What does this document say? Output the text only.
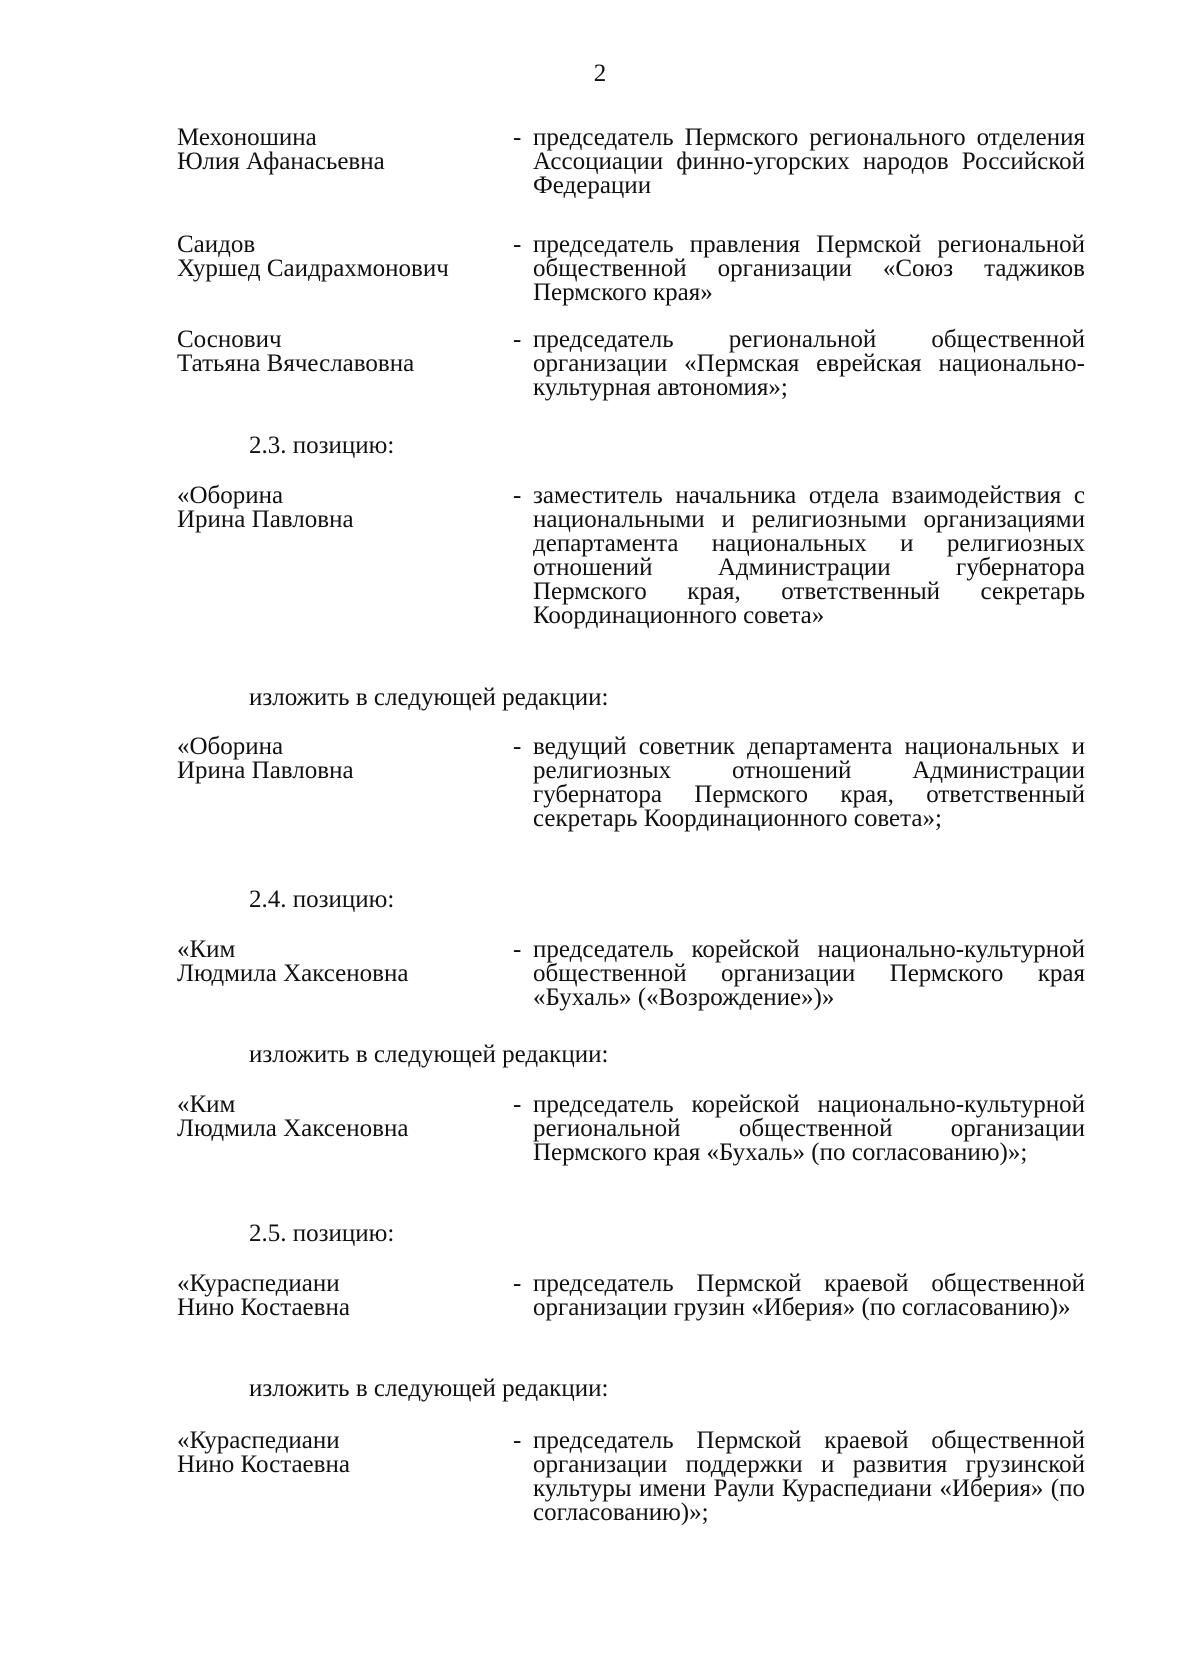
2
Мехоношина
Юлия Афанасьевна
- председатель Пермского регионального отделения Ассоциации финно-угорских народов Российской Федерации
Саидов
Хуршед Саидрахмонович
- председатель правления Пермской региональной общественной организации «Союз таджиков Пермского края»
Соснович
Татьяна Вячеславовна
- председатель региональной общественной организации «Пермская еврейская национально-культурная автономия»;
2.3. позицию:
«Оборина
Ирина Павловна
- заместитель начальника отдела взаимодействия с национальными и религиозными организациями департамента национальных и религиозных отношений Администрации губернатора Пермского края, ответственный секретарь Координационного совета»
изложить в следующей редакции:
«Оборина
Ирина Павловна
- ведущий советник департамента национальных и религиозных отношений Администрации губернатора Пермского края, ответственный секретарь Координационного совета»;
2.4. позицию:
«Ким
Людмила Хаксеновна
- председатель корейской национально-культурной общественной организации Пермского края «Бухаль» («Возрождение»)»
изложить в следующей редакции:
«Ким
Людмила Хаксеновна
- председатель корейской национально-культурной региональной общественной организации Пермского края «Бухаль» (по согласованию)»;
2.5. позицию:
«Кураспедиани
Нино Костаевна
- председатель Пермской краевой общественной организации грузин «Иберия» (по согласованию)»
изложить в следующей редакции:
«Кураспедиани
Нино Костаевна
- председатель Пермской краевой общественной организации поддержки и развития грузинской культуры имени Раули Кураспедиани «Иберия» (по согласованию)»;
